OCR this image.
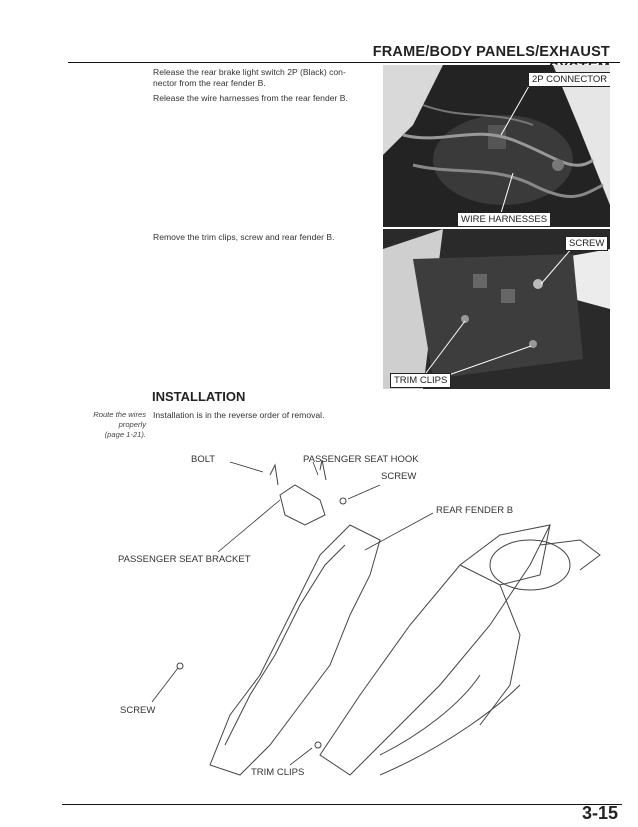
FRAME/BODY PANELS/EXHAUST
Release the rear brake light switch 2P (Black) con-
nector from the rear fender B.
Release the wire harnesses from the rear fender B.
2P CONNECTOR
WIRE HARNESSES
Remove the trim clips, screw and rear fender B.
SCREW
TRIM CLIPS
INSTALLATION
Installation is in the reverse order of removal.
Route the wires
properly
(page 1-21).
BOLT	PASSENGER SEAT HOOK
SCREW
REAR FENDER B
PASSENGER SEAT BRACKET
SCREW
TRIM CLIPS
3-15
